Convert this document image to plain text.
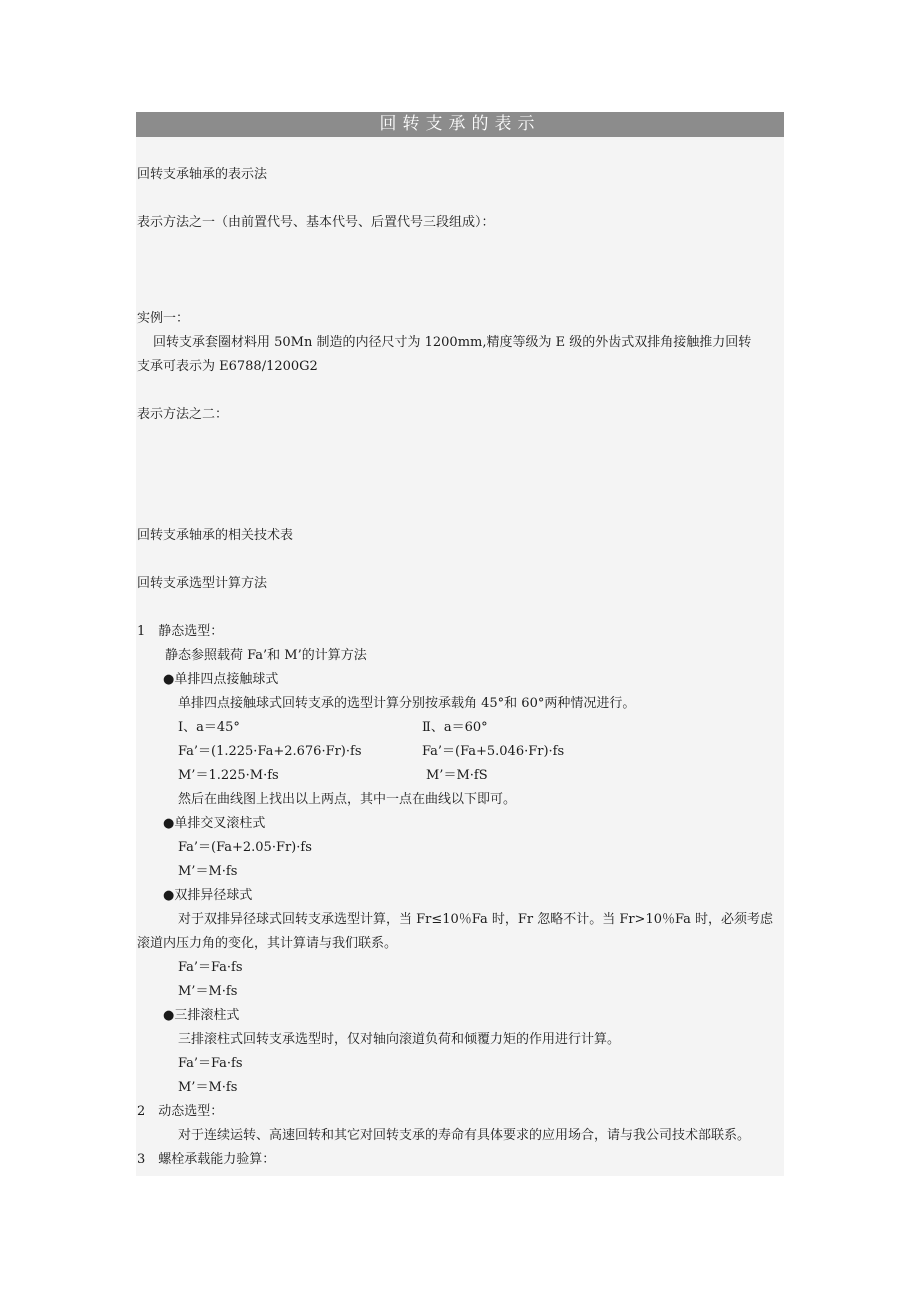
回转支承的表示
回转支承轴承的表示法
表示方法之一（由前置代号、基本代号、后置代号三段组成）：
实例一：
回转支承套圈材料用 50Mn 制造的内径尺寸为 1200mm,精度等级为 E 级的外齿式双排角接触推力回转
支承可表示为 E6788/1200G2
表示方法之二：
回转支承轴承的相关技术表
回转支承选型计算方法
1　静态选型：
静态参照载荷 Fa’和 M’的计算方法
●单排四点接触球式
单排四点接触球式回转支承的选型计算分别按承载角 45°和 60°两种情况进行。
Ⅰ、a＝45°	Ⅱ、a＝60°
Fa’＝(1.225·Fa+2.676·Fr)·fs	Fa’＝(Fa+5.046·Fr)·fs
M’＝1.225·M·fs	M’＝M·fS
然后在曲线图上找出以上两点，其中一点在曲线以下即可。
●单排交叉滚柱式
Fa’＝(Fa+2.05·Fr)·fs
M’＝M·fs
●双排异径球式
对于双排异径球式回转支承选型计算，当 Fr≤10％Fa 时，Fr 忽略不计。当 Fr>10％Fa 时，必须考虑
滚道内压力角的变化，其计算请与我们联系。
Fa’＝Fa·fs
M’＝M·fs
●三排滚柱式
三排滚柱式回转支承选型时，仅对轴向滚道负荷和倾覆力矩的作用进行计算。
Fa’＝Fa·fs
M’＝M·fs
2　动态选型：
对于连续运转、高速回转和其它对回转支承的寿命有具体要求的应用场合，请与我公司技术部联系。
3　螺栓承载能力验算：
